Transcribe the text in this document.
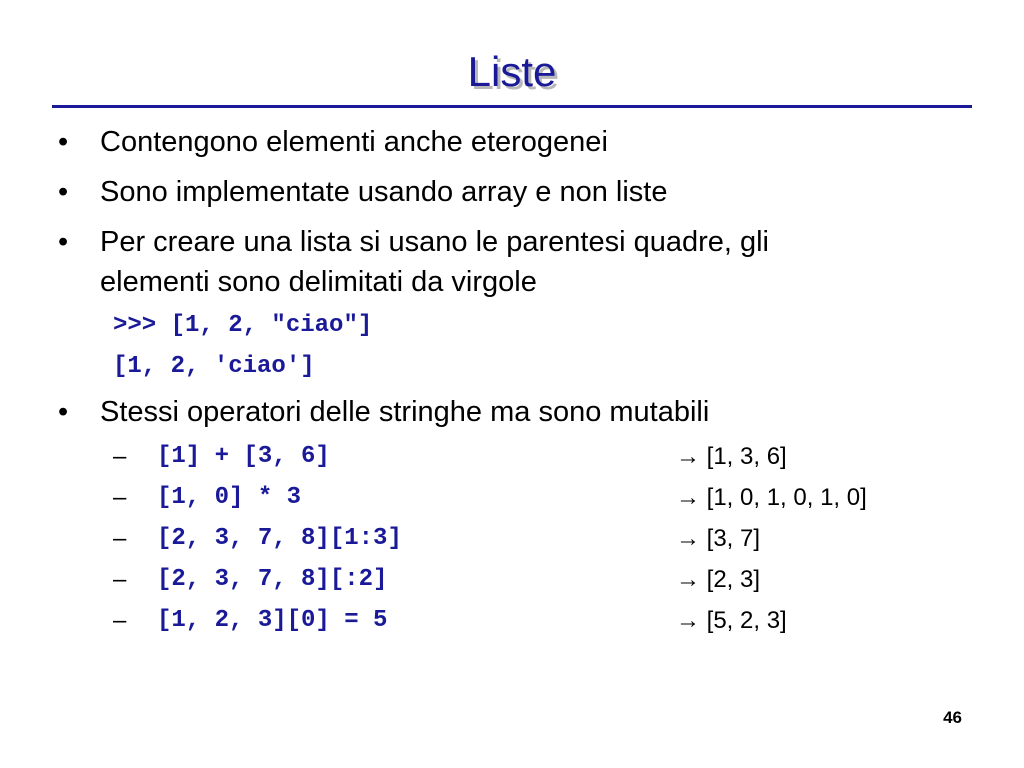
Liste
• Contengono elementi anche eterogenei
• Sono implementate usando array e non liste
• Per creare una lista si usano le parentesi quadre, gli
elementi sono delimitati da virgole
>>> [1, 2, "ciao"]
[1, 2, 'ciao']
• Stessi operatori delle stringhe ma sono mutabili
– [1] + [3, 6]	→ [1, 3, 6]
– [1, 0] * 3	→ [1, 0, 1, 0, 1, 0]
– [2, 3, 7, 8][1:3]	→ [3, 7]
– [2, 3, 7, 8][:2]	→ [2, 3]
– [1, 2, 3][0] = 5	→ [5, 2, 3]
46
